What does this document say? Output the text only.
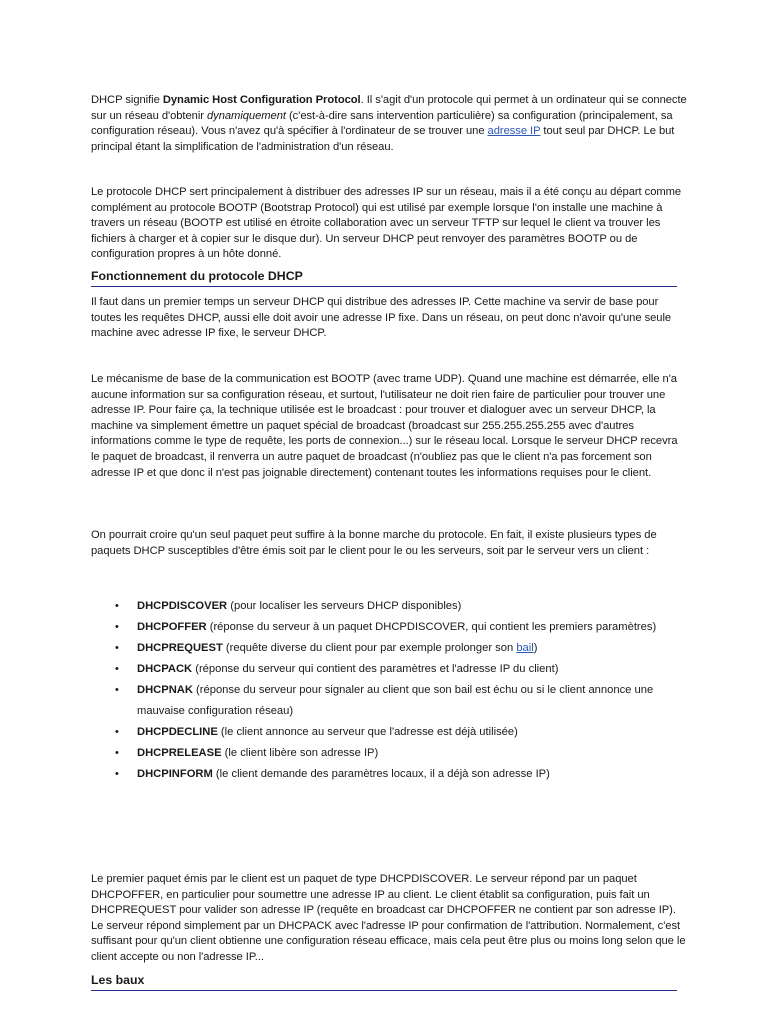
DHCP signifie Dynamic Host Configuration Protocol. Il s'agit d'un protocole qui permet à un ordinateur qui se connecte sur un réseau d'obtenir dynamiquement (c'est-à-dire sans intervention particulière) sa configuration (principalement, sa configuration réseau). Vous n'avez qu'à spécifier à l'ordinateur de se trouver une adresse IP tout seul par DHCP. Le but principal étant la simplification de l'administration d'un réseau.

Le protocole DHCP sert principalement à distribuer des adresses IP sur un réseau, mais il a été conçu au départ comme complément au protocole BOOTP (Bootstrap Protocol) qui est utilisé par exemple lorsque l'on installe une machine à travers un réseau (BOOTP est utilisé en étroite collaboration avec un serveur TFTP sur lequel le client va trouver les fichiers à charger et à copier sur le disque dur). Un serveur DHCP peut renvoyer des paramètres BOOTP ou de configuration propres à un hôte donné.

Fonctionnement du protocole DHCP

Il faut dans un premier temps un serveur DHCP qui distribue des adresses IP. Cette machine va servir de base pour toutes les requêtes DHCP, aussi elle doit avoir une adresse IP fixe. Dans un réseau, on peut donc n'avoir qu'une seule machine avec adresse IP fixe, le serveur DHCP.

Le mécanisme de base de la communication est BOOTP (avec trame UDP). Quand une machine est démarrée, elle n'a aucune information sur sa configuration réseau, et surtout, l'utilisateur ne doit rien faire de particulier pour trouver une adresse IP. Pour faire ça, la technique utilisée est le broadcast : pour trouver et dialoguer avec un serveur DHCP, la machine va simplement émettre un paquet spécial de broadcast (broadcast sur 255.255.255.255 avec d'autres informations comme le type de requête, les ports de connexion...) sur le réseau local. Lorsque le serveur DHCP recevra le paquet de broadcast, il renverra un autre paquet de broadcast (n'oubliez pas que le client n'a pas forcement son adresse IP et que donc il n'est pas joignable directement) contenant toutes les informations requises pour le client.

On pourrait croire qu'un seul paquet peut suffire à la bonne marche du protocole. En fait, il existe plusieurs types de paquets DHCP susceptibles d'être émis soit par le client pour le ou les serveurs, soit par le serveur vers un client :

• DHCPDISCOVER (pour localiser les serveurs DHCP disponibles)
• DHCPOFFER (réponse du serveur à un paquet DHCPDISCOVER, qui contient les premiers paramètres)
• DHCPREQUEST (requête diverse du client pour par exemple prolonger son bail)
• DHCPACK (réponse du serveur qui contient des paramètres et l'adresse IP du client)
• DHCPNAK (réponse du serveur pour signaler au client que son bail est échu ou si le client annonce une mauvaise configuration réseau)
• DHCPDECLINE (le client annonce au serveur que l'adresse est déjà utilisée)
• DHCPRELEASE (le client libère son adresse IP)
• DHCPINFORM (le client demande des paramètres locaux, il a déjà son adresse IP)

Le premier paquet émis par le client est un paquet de type DHCPDISCOVER. Le serveur répond par un paquet DHCPOFFER, en particulier pour soumettre une adresse IP au client. Le client établit sa configuration, puis fait un DHCPREQUEST pour valider son adresse IP (requête en broadcast car DHCPOFFER ne contient par son adresse IP). Le serveur répond simplement par un DHCPACK avec l'adresse IP pour confirmation de l'attribution. Normalement, c'est suffisant pour qu'un client obtienne une configuration réseau efficace, mais cela peut être plus ou moins long selon que le client accepte ou non l'adresse IP...

Les baux
